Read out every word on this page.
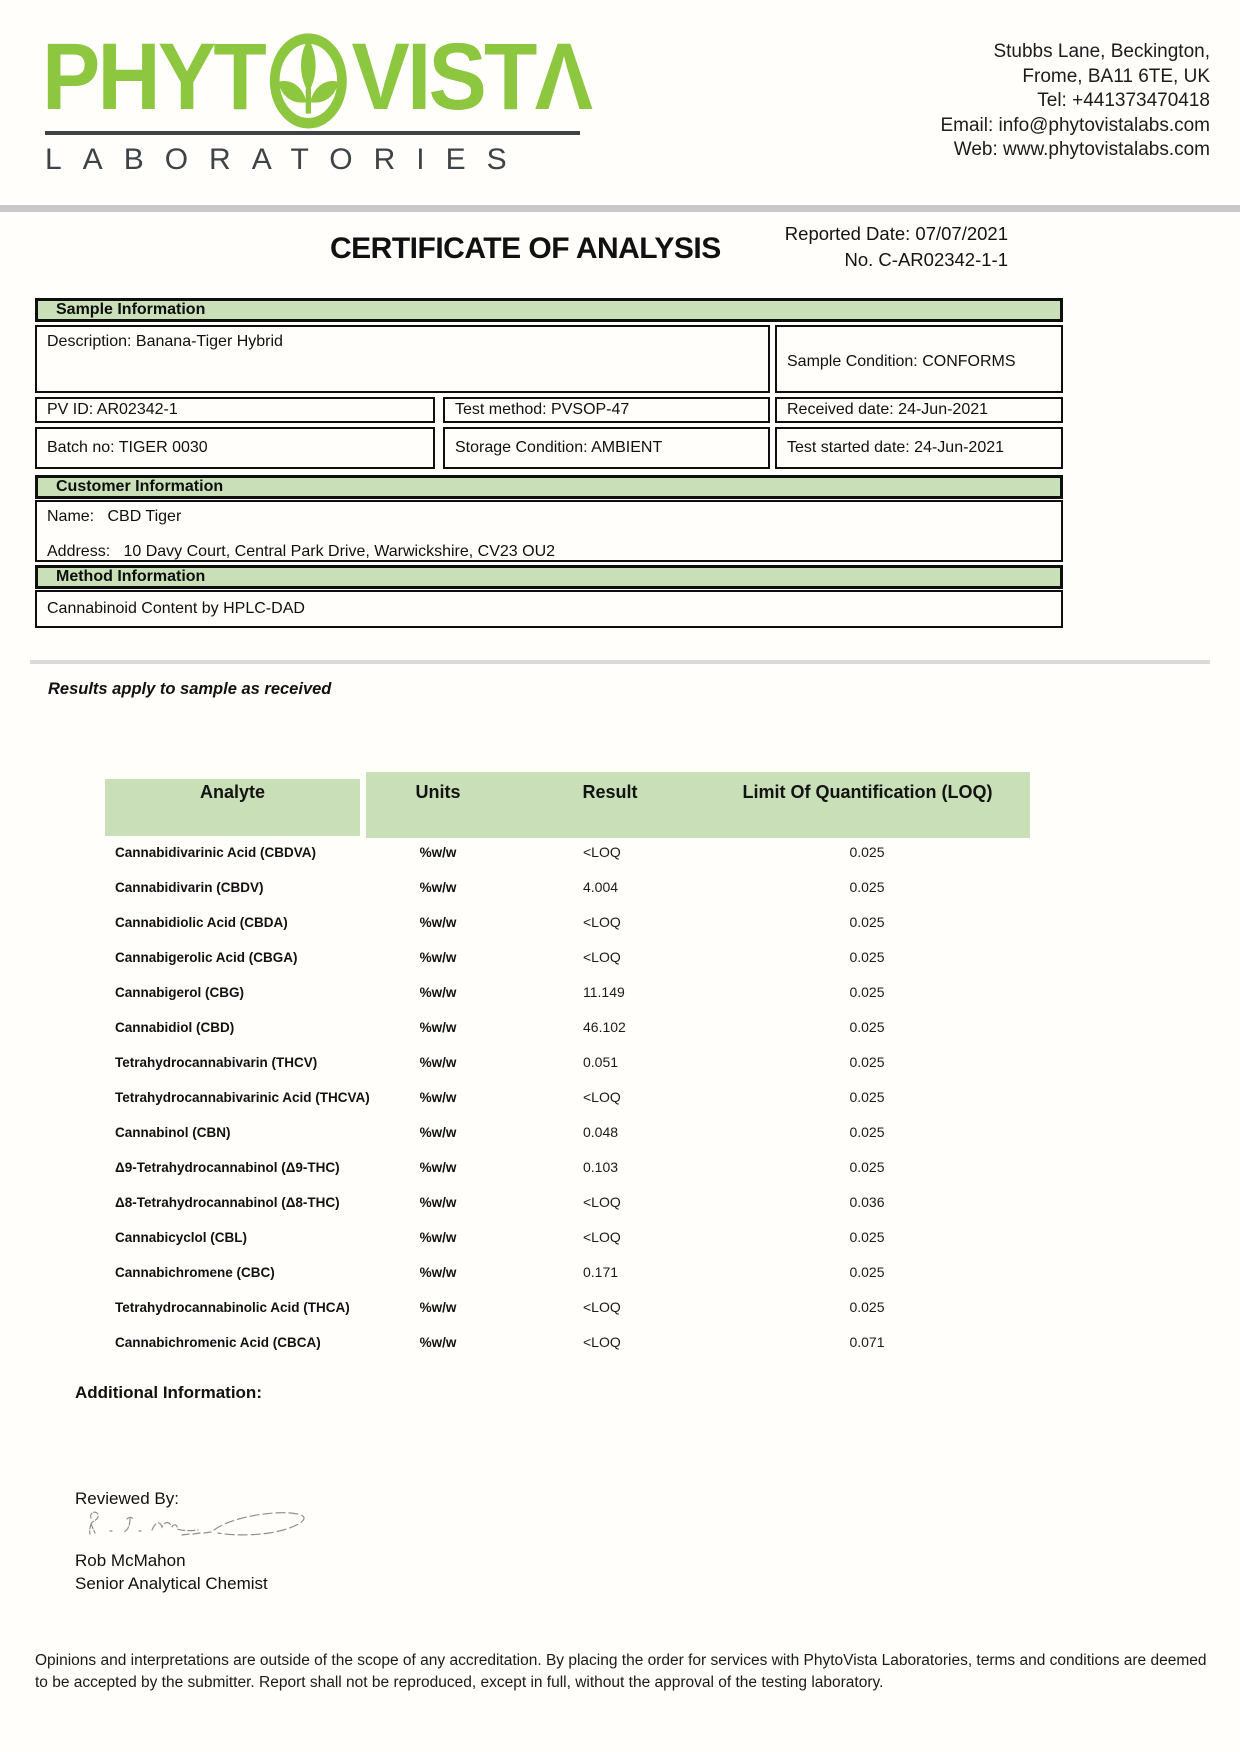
PHYT VIST Λ
LABORATORIES
Stubbs Lane, Beckington,
Frome, BA11 6TE, UK
Tel: +441373470418
Email: info@phytovistalabs.com
Web: www.phytovistalabs.com
CERTIFICATE OF ANALYSIS	Reported Date: 07/07/2021
No. C-AR02342-1-1
Sample Information
Description: Banana-Tiger Hybrid
Sample Condition: CONFORMS
PV ID: AR02342-1	Test method: PVSOP-47	Received date: 24-Jun-2021
Batch no: TIGER 0030	Storage Condition: AMBIENT	Test started date: 24-Jun-2021
Customer Information
Name: CBD Tiger
Address: 10 Davy Court, Central Park Drive, Warwickshire, CV23 OU2
Method Information
Cannabinoid Content by HPLC-DAD
Results apply to sample as received
Analyte	Units	Result	Limit Of Quantification (LOQ)
Cannabidivarinic Acid (CBDVA)	%w/w	<LOQ	0.025
Cannabidivarin (CBDV)	%w/w	4.004	0.025
Cannabidiolic Acid (CBDA)	%w/w	<LOQ	0.025
Cannabigerolic Acid (CBGA)	%w/w	<LOQ	0.025
Cannabigerol (CBG)	%w/w	11.149	0.025
Cannabidiol (CBD)	%w/w	46.102	0.025
Tetrahydrocannabivarin (THCV)	%w/w	0.051	0.025
Tetrahydrocannabivarinic Acid (THCVA)	%w/w	<LOQ	0.025
Cannabinol (CBN)	%w/w	0.048	0.025
Δ9-Tetrahydrocannabinol (Δ9-THC)	%w/w	0.103	0.025
Δ8-Tetrahydrocannabinol (Δ8-THC)	%w/w	<LOQ	0.036
Cannabicyclol (CBL)	%w/w	<LOQ	0.025
Cannabichromene (CBC)	%w/w	0.171	0.025
Tetrahydrocannabinolic Acid (THCA)	%w/w	<LOQ	0.025
Cannabichromenic Acid (CBCA)	%w/w	<LOQ	0.071
Additional Information:
Reviewed By:
Rob McMahon
Senior Analytical Chemist
Opinions and interpretations are outside of the scope of any accreditation. By placing the order for services with PhytoVista Laboratories, terms and conditions are deemed to be accepted by the submitter. Report shall not be reproduced, except in full, without the approval of the testing laboratory.
